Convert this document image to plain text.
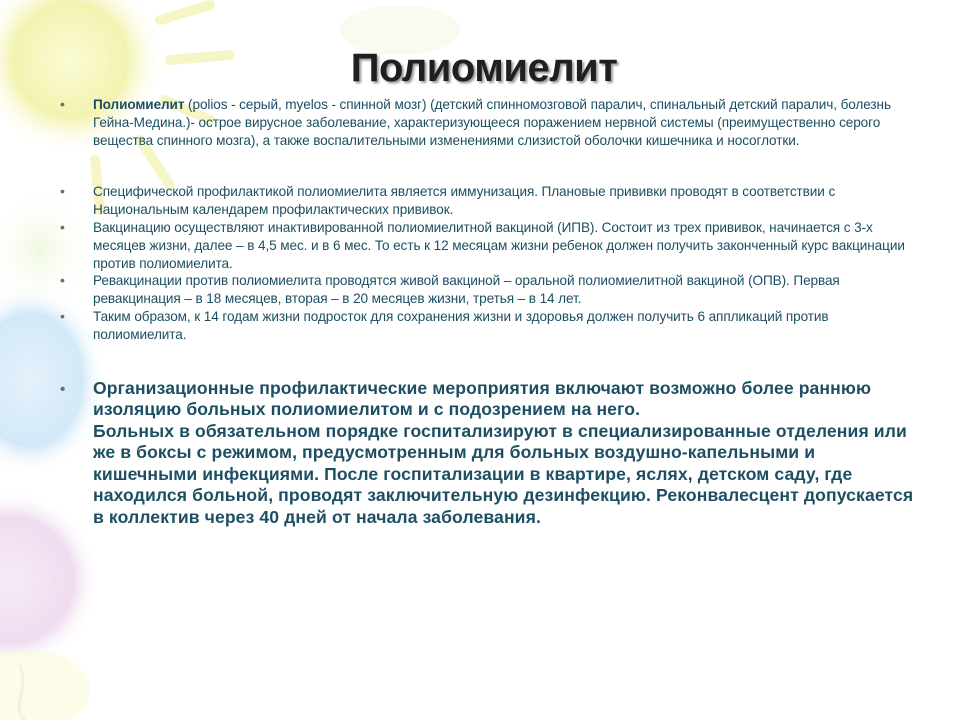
Полиомиелит
• Полиомиелит (polios - серый, myelos - спинной мозг) (детский спинномозговой паралич, спинальный детский паралич, болезнь Гейна-Медина.)- острое вирусное заболевание, характеризующееся поражением нервной системы (преимущественно серого вещества спинного мозга), а также воспалительными изменениями слизистой оболочки кишечника и носоглотки.
• Специфической профилактикой полиомиелита является иммунизация. Плановые прививки проводят в соответствии с Национальным календарем профилактических прививок.
• Вакцинацию осуществляют инактивированной полиомиелитной вакциной (ИПВ). Состоит из трех прививок, начинается с 3-х месяцев жизни, далее – в 4,5 мес. и в 6 мес. То есть к 12 месяцам жизни ребенок должен получить законченный курс вакцинации против полиомиелита.
• Ревакцинации против полиомиелита проводятся живой вакциной – оральной полиомиелитной вакциной (ОПВ). Первая ревакцинация – в 18 месяцев, вторая – в 20 месяцев жизни, третья – в 14 лет.
• Таким образом, к 14 годам жизни подросток для сохранения жизни и здоровья должен получить 6 аппликаций против полиомиелита.
• Организационные профилактические мероприятия включают возможно более раннюю изоляцию больных полиомиелитом и с подозрением на него.
Больных в обязательном порядке госпитализируют в специализированные отделения или же в боксы с режимом, предусмотренным для больных воздушно-капельными и кишечными инфекциями. После госпитализации в квартире, яслях, детском саду, где находился больной, проводят заключительную дезинфекцию. Реконвалесцент допускается в коллектив через 40 дней от начала заболевания.
